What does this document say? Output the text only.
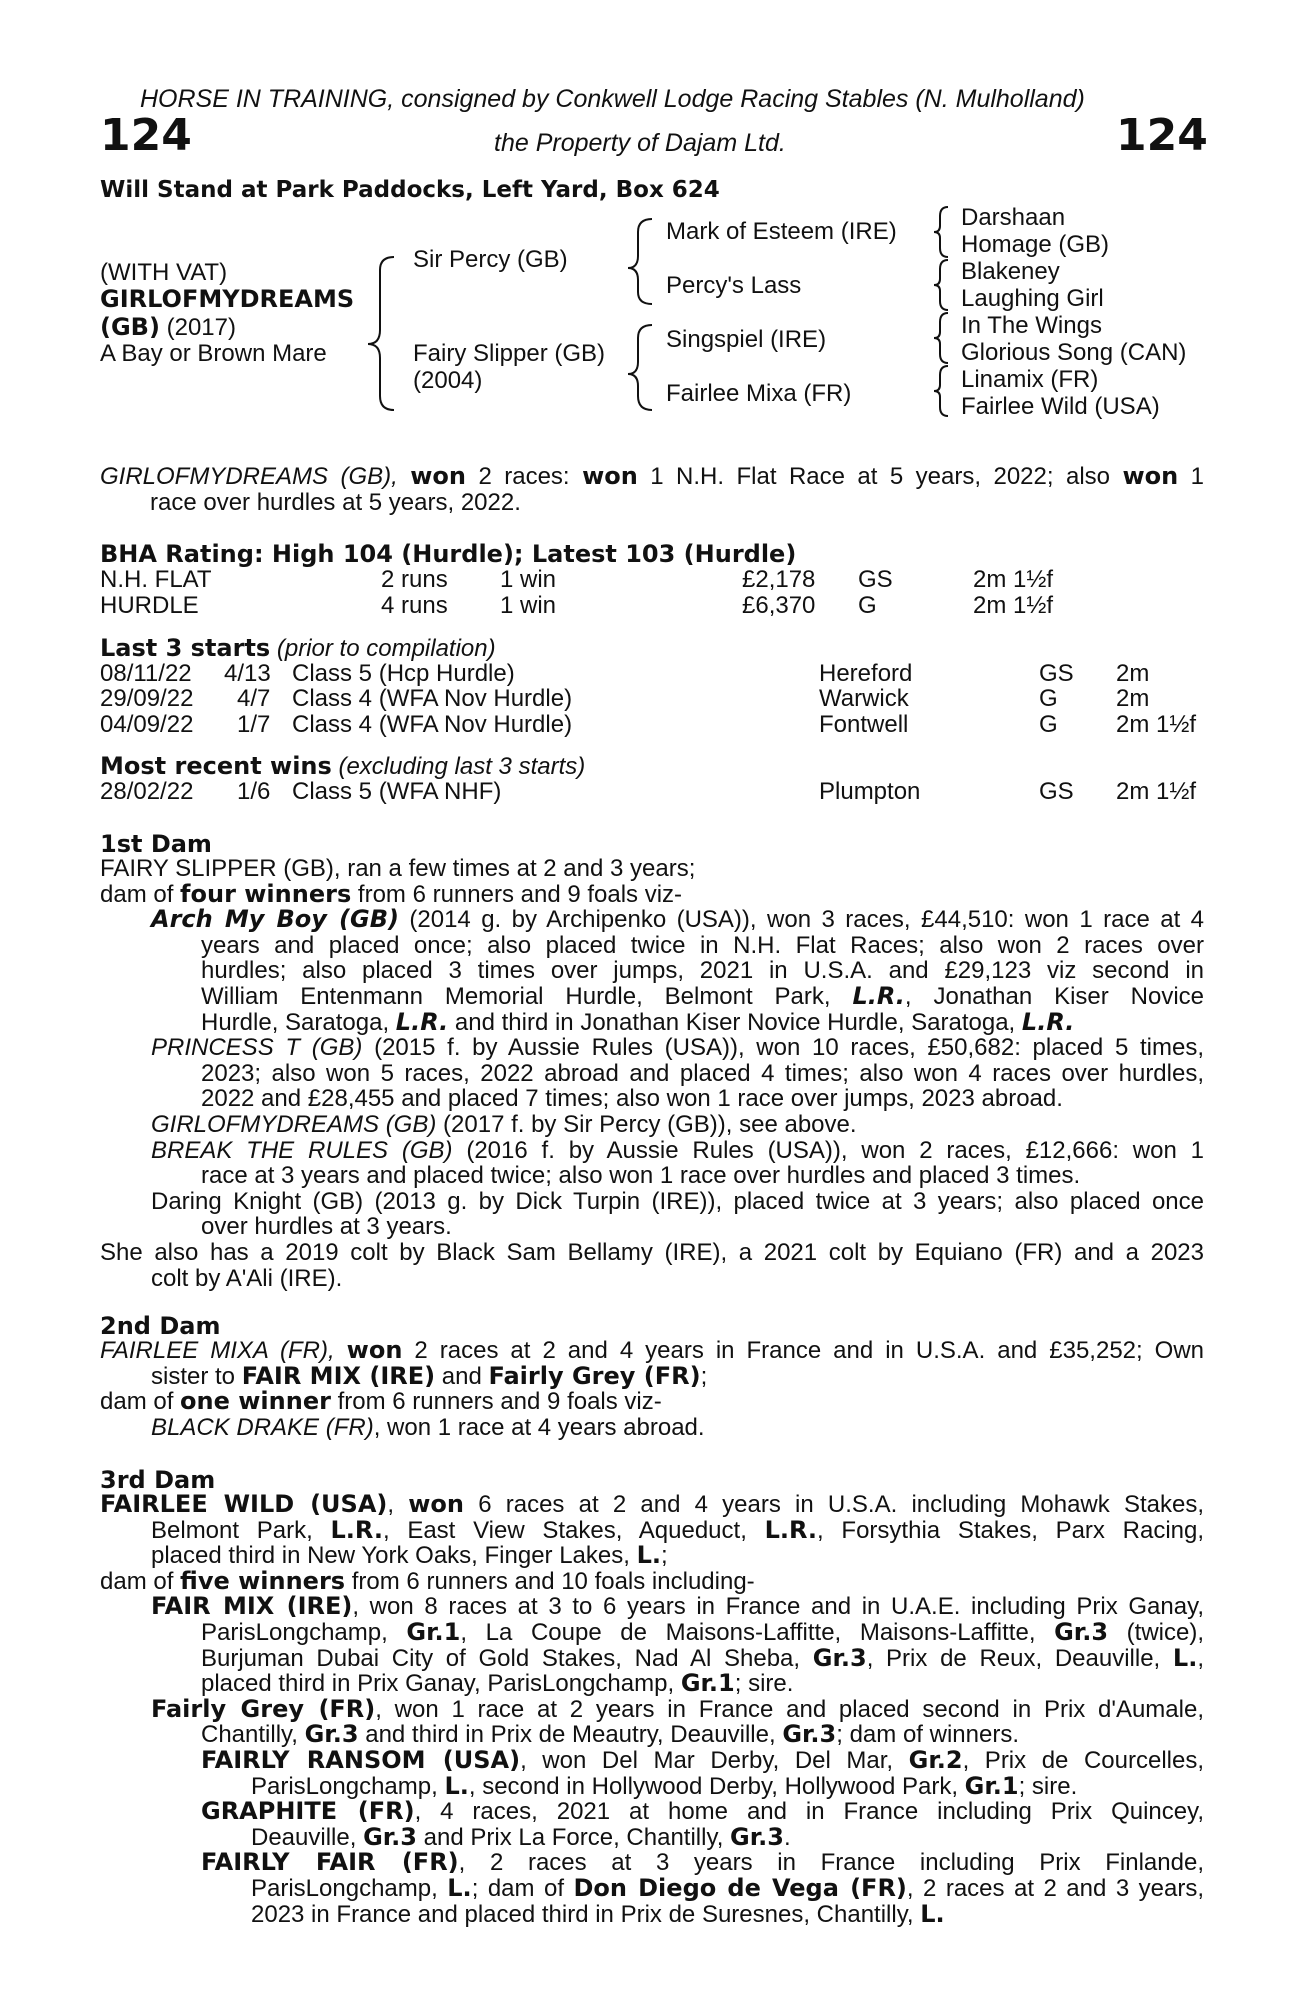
HORSE IN TRAINING, consigned by Conkwell Lodge Racing Stables (N. Mulholland)
124	the Property of Dajam Ltd.	124
Will Stand at Park Paddocks, Left Yard, Box 624
(WITH VAT)
GIRLOFMYDREAMS
(GB) (2017)
A Bay or Brown Mare
Sir Percy (GB)
Fairy Slipper (GB)
(2004)
Mark of Esteem (IRE)
Percy's Lass
Singspiel (IRE)
Fairlee Mixa (FR)
Darshaan
Homage (GB)
Blakeney
Laughing Girl
In The Wings
Glorious Song (CAN)
Linamix (FR)
Fairlee Wild (USA)
GIRLOFMYDREAMS (GB), won 2 races: won 1 N.H. Flat Race at 5 years, 2022; also won 1
race over hurdles at 5 years, 2022.
BHA Rating: High 104 (Hurdle); Latest 103 (Hurdle)
N.H. FLAT	2 runs 1 win	£2,178 GS	2m 1½f
HURDLE	4 runs 1 win	£6,370 G	2m 1½f
Last 3 starts (prior to compilation)
08/11/22 4/13 Class 5 (Hcp Hurdle)	Hereford	GS 2m
29/09/22 4/7 Class 4 (WFA Nov Hurdle)	Warwick	G 2m
04/09/22 1/7 Class 4 (WFA Nov Hurdle)	Fontwell	G 2m 1½f
Most recent wins (excluding last 3 starts)
28/02/22 1/6 Class 5 (WFA NHF)	Plumpton	GS 2m 1½f
1st Dam
FAIRY SLIPPER (GB), ran a few times at 2 and 3 years;
dam of four winners from 6 runners and 9 foals viz-
Arch My Boy (GB) (2014 g. by Archipenko (USA)), won 3 races, £44,510: won 1 race at 4
years and placed once; also placed twice in N.H. Flat Races; also won 2 races over
hurdles; also placed 3 times over jumps, 2021 in U.S.A. and £29,123 viz second in
William Entenmann Memorial Hurdle, Belmont Park, L.R., Jonathan Kiser Novice
Hurdle, Saratoga, L.R. and third in Jonathan Kiser Novice Hurdle, Saratoga, L.R.
PRINCESS T (GB) (2015 f. by Aussie Rules (USA)), won 10 races, £50,682: placed 5 times,
2023; also won 5 races, 2022 abroad and placed 4 times; also won 4 races over hurdles,
2022 and £28,455 and placed 7 times; also won 1 race over jumps, 2023 abroad.
GIRLOFMYDREAMS (GB) (2017 f. by Sir Percy (GB)), see above.
BREAK THE RULES (GB) (2016 f. by Aussie Rules (USA)), won 2 races, £12,666: won 1
race at 3 years and placed twice; also won 1 race over hurdles and placed 3 times.
Daring Knight (GB) (2013 g. by Dick Turpin (IRE)), placed twice at 3 years; also placed once
over hurdles at 3 years.
She also has a 2019 colt by Black Sam Bellamy (IRE), a 2021 colt by Equiano (FR) and a 2023
colt by A'Ali (IRE).
2nd Dam
FAIRLEE MIXA (FR), won 2 races at 2 and 4 years in France and in U.S.A. and £35,252; Own
sister to FAIR MIX (IRE) and Fairly Grey (FR);
dam of one winner from 6 runners and 9 foals viz-
BLACK DRAKE (FR), won 1 race at 4 years abroad.
3rd Dam
FAIRLEE WILD (USA), won 6 races at 2 and 4 years in U.S.A. including Mohawk Stakes,
Belmont Park, L.R., East View Stakes, Aqueduct, L.R., Forsythia Stakes, Parx Racing,
placed third in New York Oaks, Finger Lakes, L.;
dam of five winners from 6 runners and 10 foals including-
FAIR MIX (IRE), won 8 races at 3 to 6 years in France and in U.A.E. including Prix Ganay,
ParisLongchamp, Gr.1, La Coupe de Maisons-Laffitte, Maisons-Laffitte, Gr.3 (twice),
Burjuman Dubai City of Gold Stakes, Nad Al Sheba, Gr.3, Prix de Reux, Deauville, L.,
placed third in Prix Ganay, ParisLongchamp, Gr.1; sire.
Fairly Grey (FR), won 1 race at 2 years in France and placed second in Prix d'Aumale,
Chantilly, Gr.3 and third in Prix de Meautry, Deauville, Gr.3; dam of winners.
FAIRLY RANSOM (USA), won Del Mar Derby, Del Mar, Gr.2, Prix de Courcelles,
ParisLongchamp, L., second in Hollywood Derby, Hollywood Park, Gr.1; sire.
GRAPHITE (FR), 4 races, 2021 at home and in France including Prix Quincey,
Deauville, Gr.3 and Prix La Force, Chantilly, Gr.3.
FAIRLY FAIR (FR), 2 races at 3 years in France including Prix Finlande,
ParisLongchamp, L.; dam of Don Diego de Vega (FR), 2 races at 2 and 3 years,
2023 in France and placed third in Prix de Suresnes, Chantilly, L.
